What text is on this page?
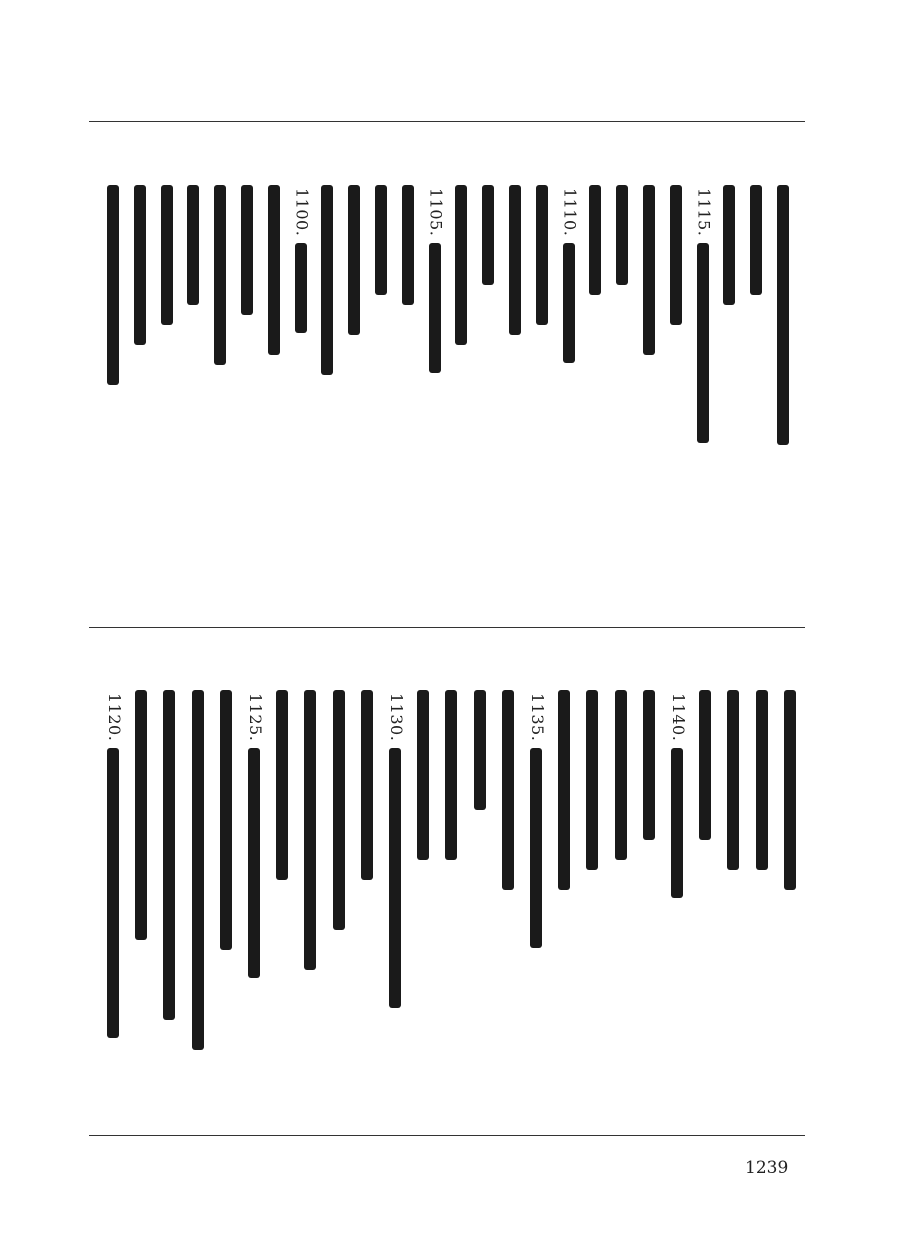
1100.	1105.	1110.	1115.
1120.	1125.	1130.	1135.	1140.
1239
